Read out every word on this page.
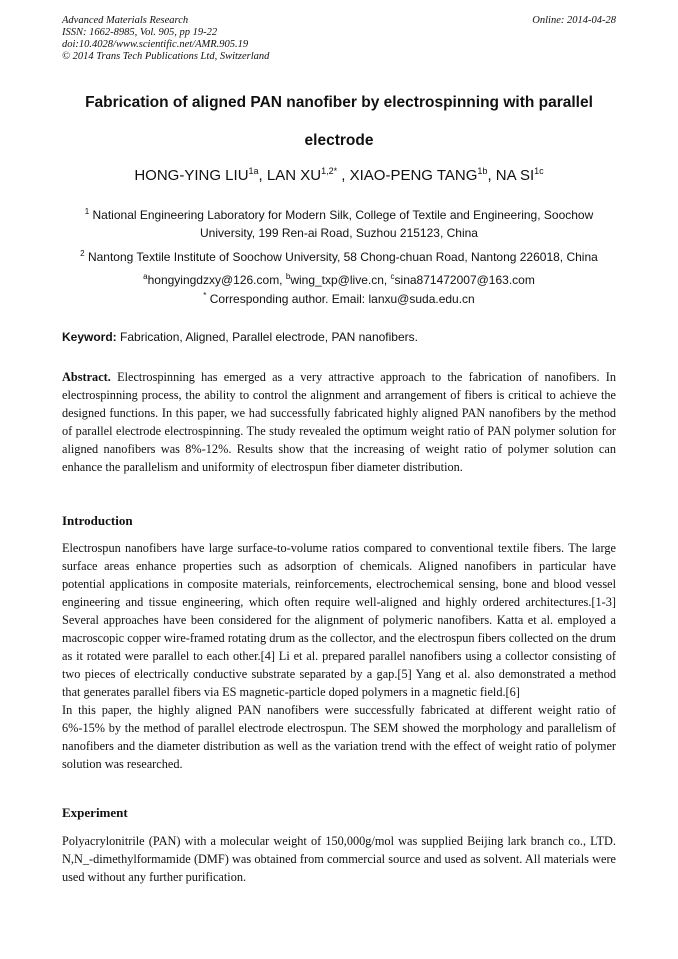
Advanced Materials Research
ISSN: 1662-8985, Vol. 905, pp 19-22
doi:10.4028/www.scientific.net/AMR.905.19
© 2014 Trans Tech Publications Ltd, Switzerland
Online: 2014-04-28
Fabrication of aligned PAN nanofiber by electrospinning with parallel
electrode
HONG-YING $LIU^{1a}$, LAN $XU^{1,2*}$ , XIAO-PENG $TANG^{1b}$, NA $SI^{1c}$
$^1$ National Engineering Laboratory for Modern Silk, College of Textile and Engineering, Soochow University, 199 Ren-ai Road, Suzhou 215123, China
$^2$ Nantong Textile Institute of Soochow University, 58 Chong-chuan Road, Nantong 226018, China
$^a$hongyingdzxy@126.com, $^b$wing_txp@live.cn, $^c$sina871472007@163.com
* Corresponding author. Email: lanxu@suda.edu.cn
Keyword: Fabrication, Aligned, Parallel electrode, PAN nanofibers.

Abstract. Electrospinning has emerged as a very attractive approach to the fabrication of nanofibers. In electrospinning process, the ability to control the alignment and arrangement of fibers is critical to achieve the designed functions. In this paper, we had successfully fabricated highly aligned PAN nanofibers by the method of parallel electrode electrospinning. The study revealed the optimum weight ratio of PAN polymer solution for aligned nanofibers was 8%-12%. Results show that the increasing of weight ratio of polymer solution can enhance the parallelism and uniformity of electrospun fiber diameter distribution.

Introduction

Electrospun nanofibers have large surface-to-volume ratios compared to conventional textile fibers. The large surface areas enhance properties such as adsorption of chemicals. Aligned nanofibers in particular have potential applications in composite materials, reinforcements, electrochemical sensing, bone and blood vessel engineering and tissue engineering, which often require well-aligned and highly ordered architectures.[1-3] Several approaches have been considered for the alignment of polymeric nanofibers. Katta et al. employed a macroscopic copper wire-framed rotating drum as the collector, and the electrospun fibers collected on the drum as it rotated were parallel to each other.[4] Li et al. prepared parallel nanofibers using a collector consisting of two pieces of electrically conductive substrate separated by a gap.[5] Yang et al. also demonstrated a method that generates parallel fibers via ES magnetic-particle doped polymers in a magnetic field.[6]

In this paper, the highly aligned PAN nanofibers were successfully fabricated at different weight ratio of 6%-15% by the method of parallel electrode electrospun. The SEM showed the morphology and parallelism of nanofibers and the diameter distribution as well as the variation trend with the effect of weight ratio of polymer solution was researched.

Experiment

Polyacrylonitrile (PAN) with a molecular weight of 150,000g/mol was supplied Beijing lark branch co., LTD. N,N_-dimethylformamide (DMF) was obtained from commercial source and used as solvent. All materials were used without any further purification.
